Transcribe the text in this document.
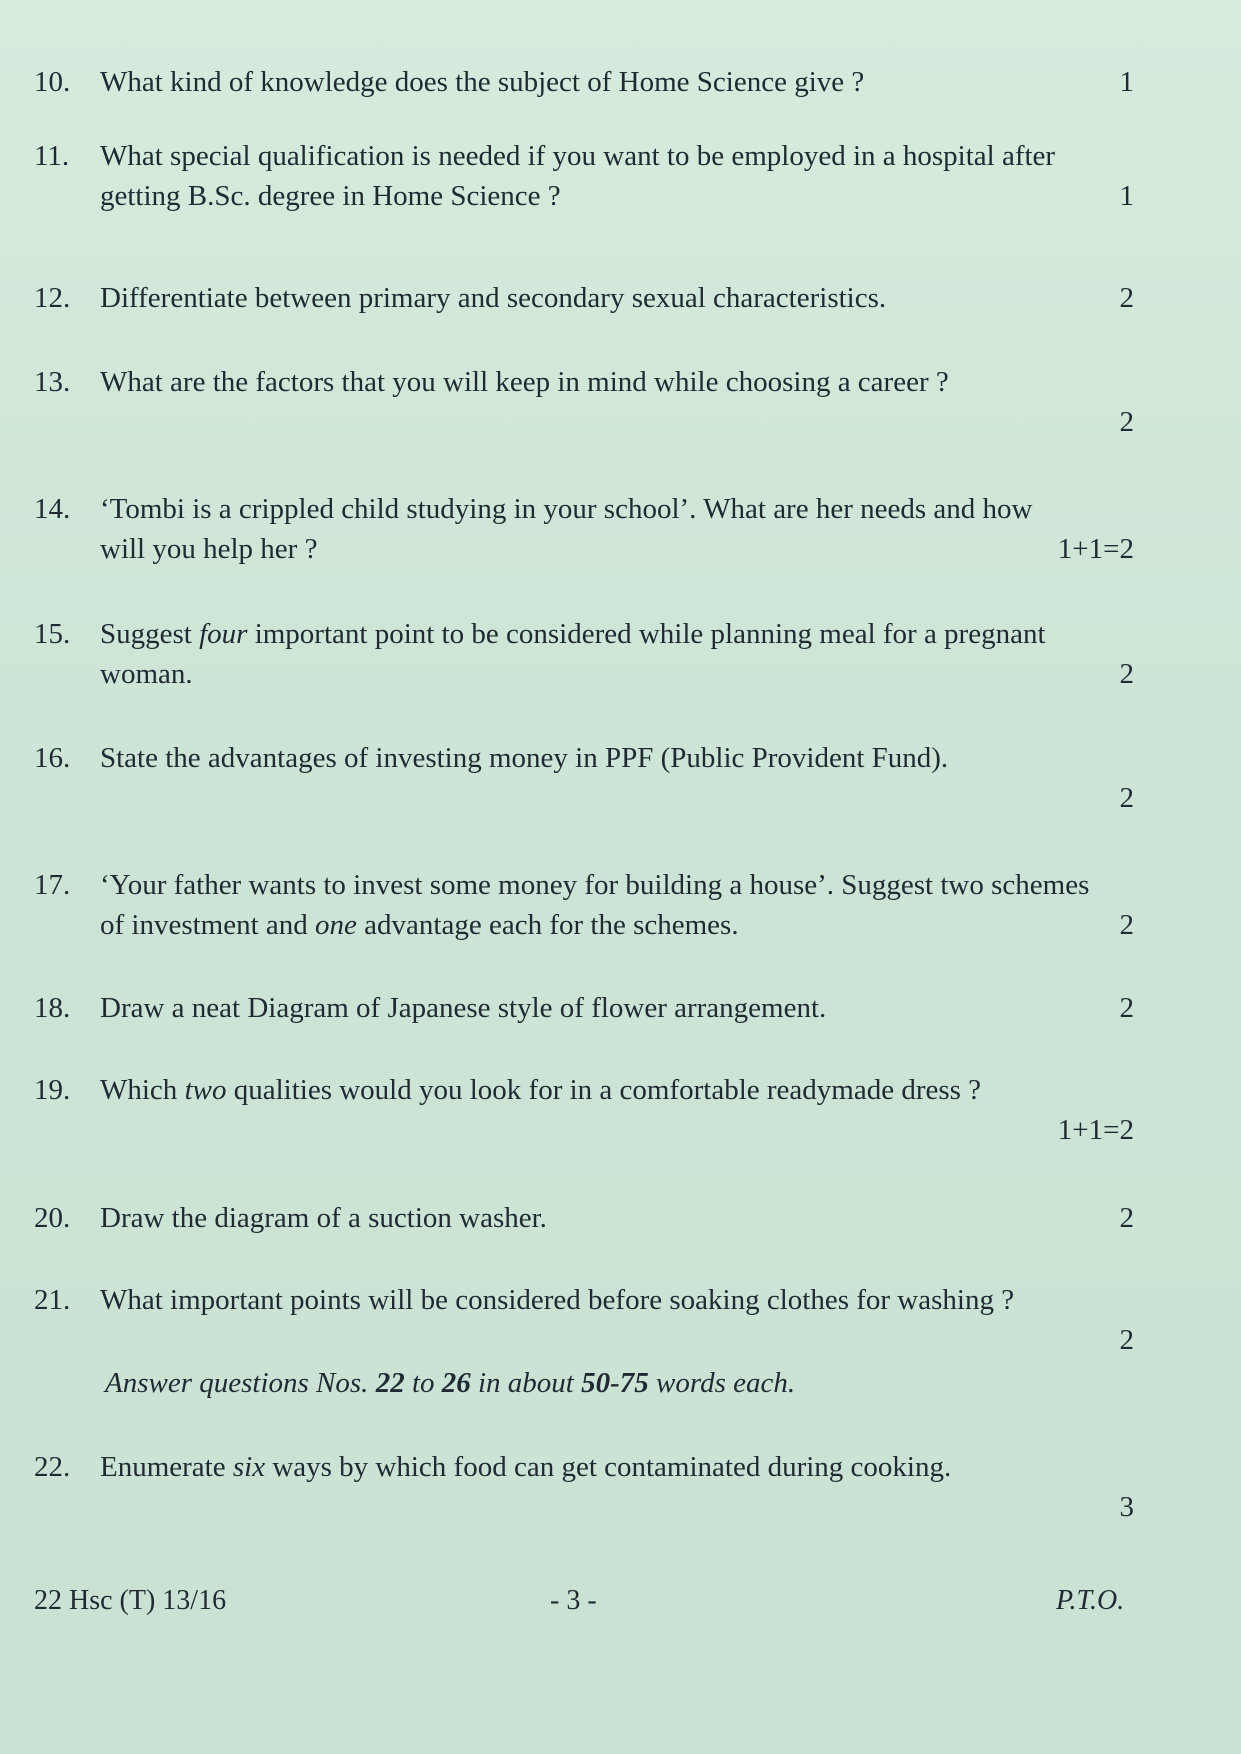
10.	What kind of knowledge does the subject of Home Science give ?	1
11.	What special qualification is needed if you want to be employed in a hospital after getting B.Sc. degree in Home Science ?	1
12.	Differentiate between primary and secondary sexual characteristics.	2
13.	What are the factors that you will keep in mind while choosing a career ?
2
14.	‘Tombi is a crippled child studying in your school’. What are her needs and how will you help her ?	1+1=2
15.	Suggest four important point to be considered while planning meal for a pregnant woman.	2
16.	State the advantages of investing money in PPF (Public Provident Fund).
2
17.	‘Your father wants to invest some money for building a house’. Suggest two schemes of investment and one advantage each for the schemes.	2
18.	Draw a neat Diagram of Japanese style of flower arrangement.	2
19.	Which two qualities would you look for in a comfortable readymade dress ?
1+1=2
20.	Draw the diagram of a suction washer.	2
21.	What important points will be considered before soaking clothes for washing ?
2
Answer questions Nos. 22 to 26 in about 50-75 words each.
22.	Enumerate six ways by which food can get contaminated during cooking.
3
22 Hsc (T) 13/16	- 3 -	P.T.O.
